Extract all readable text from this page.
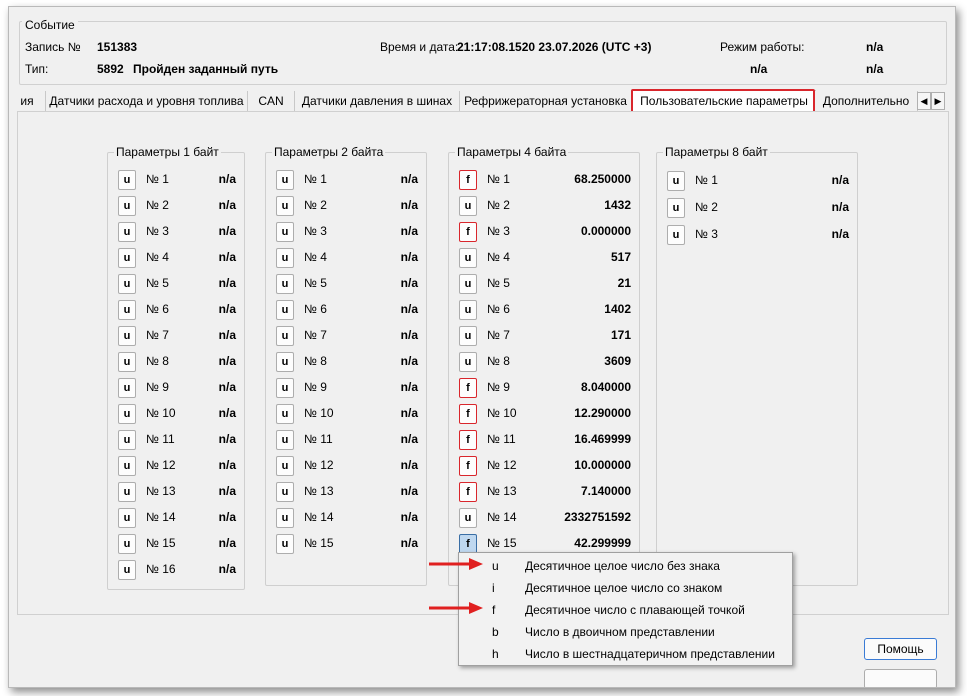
Событие
Запись № 151383	Время и дата:
21:17:08.1520 23.07.2026 (UTC +3)	Режим работы:	n/a
Тип:	5892 Пройден заданный путь	n/a	n/a
ия	Датчики расхода и уровня топлива	CAN	Датчики давления в шинах Рефрижераторная установка	Пользовательские параметры	Дополнительно	◀ ▶
Параметры 1 байт
u	№ 1	n/a
u	№ 2	n/a
u	№ 3	n/a
u	№ 4	n/a
u	№ 5	n/a
u	№ 6	n/a
u	№ 7	n/a
u	№ 8	n/a
u	№ 9	n/a
u	№ 10	n/a
u	№ 11	n/a
u	№ 12	n/a
u	№ 13	n/a
u	№ 14	n/a
u	№ 15	n/a
u	№ 16	n/a
Параметры 2 байта
u	№ 1	n/a
u	№ 2	n/a
u	№ 3	n/a
u	№ 4	n/a
u	№ 5	n/a
u	№ 6	n/a
u	№ 7	n/a
u	№ 8	n/a
u	№ 9	n/a
u	№ 10	n/a
u	№ 11	n/a
u	№ 12	n/a
u	№ 13	n/a
u	№ 14	n/a
u	№ 15	n/a
Параметры 4 байта
f	№ 1	68.250000
u	№ 2	1432
f	№ 3	0.000000
u	№ 4	517
u	№ 5	21
u	№ 6	1402
u	№ 7	171
u	№ 8	3609
f	№ 9	8.040000
f	№ 10	12.290000
f	№ 11	16.469999
f	№ 12	10.000000
f	№ 13	7.140000
u	№ 14	2332751592
f	№ 15	42.299999
Параметры 8 байт
u	№ 1	n/a
u	№ 2	n/a
u	№ 3	n/a
u Десятичное целое число без знака
i	Десятичное целое число со знаком
f Десятичное число с плавающей точкой
b Число в двоичном представлении
h Число в шестнадцатеричном представлении	Помощь
